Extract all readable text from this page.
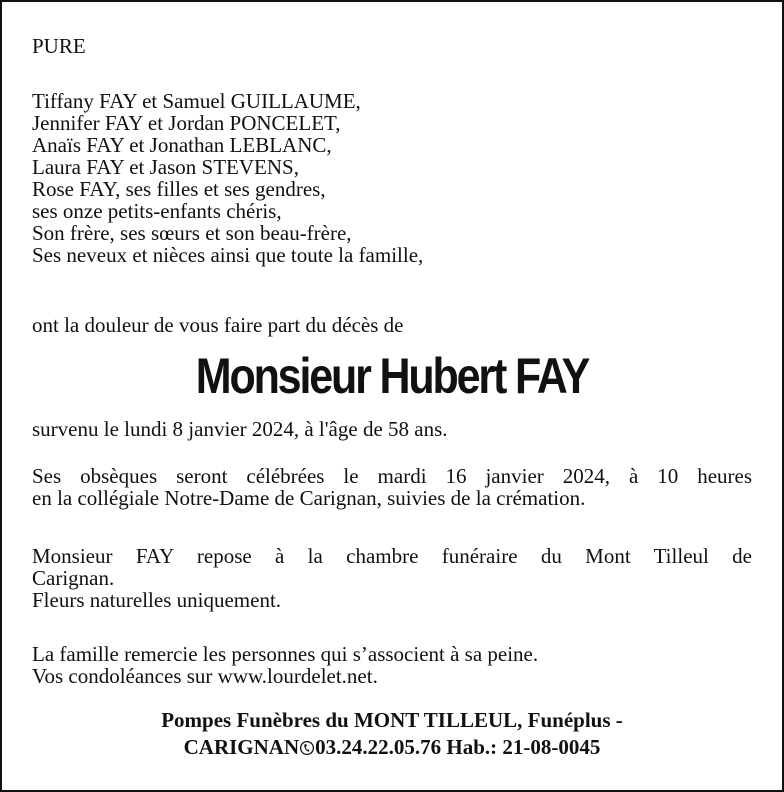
PURE
Tiffany FAY et Samuel GUILLAUME,
Jennifer FAY et Jordan PONCELET,
Anaïs FAY et Jonathan LEBLANC,
Laura FAY et Jason STEVENS,
Rose FAY, ses filles et ses gendres,
ses onze petits-enfants chéris,
Son frère, ses sœurs et son beau-frère,
Ses neveux et nièces ainsi que toute la famille,
ont la douleur de vous faire part du décès de
Monsieur Hubert FAY
survenu le lundi 8 janvier 2024, à l'âge de 58 ans.
Ses obsèques seront célébrées le mardi 16 janvier 2024, à 10 heures
en la collégiale Notre-Dame de Carignan, suivies de la crémation.
Monsieur FAY repose à la chambre funéraire du Mont Tilleul de
Carignan.
Fleurs naturelles uniquement.
La famille remercie les personnes qui s’associent à sa peine.
Vos condoléances sur www.lourdelet.net.
Pompes Funèbres du MONT TILLEUL, Funéplus -
CARIGNAN 03.24.22.05.76 Hab.: 21-08-0045
